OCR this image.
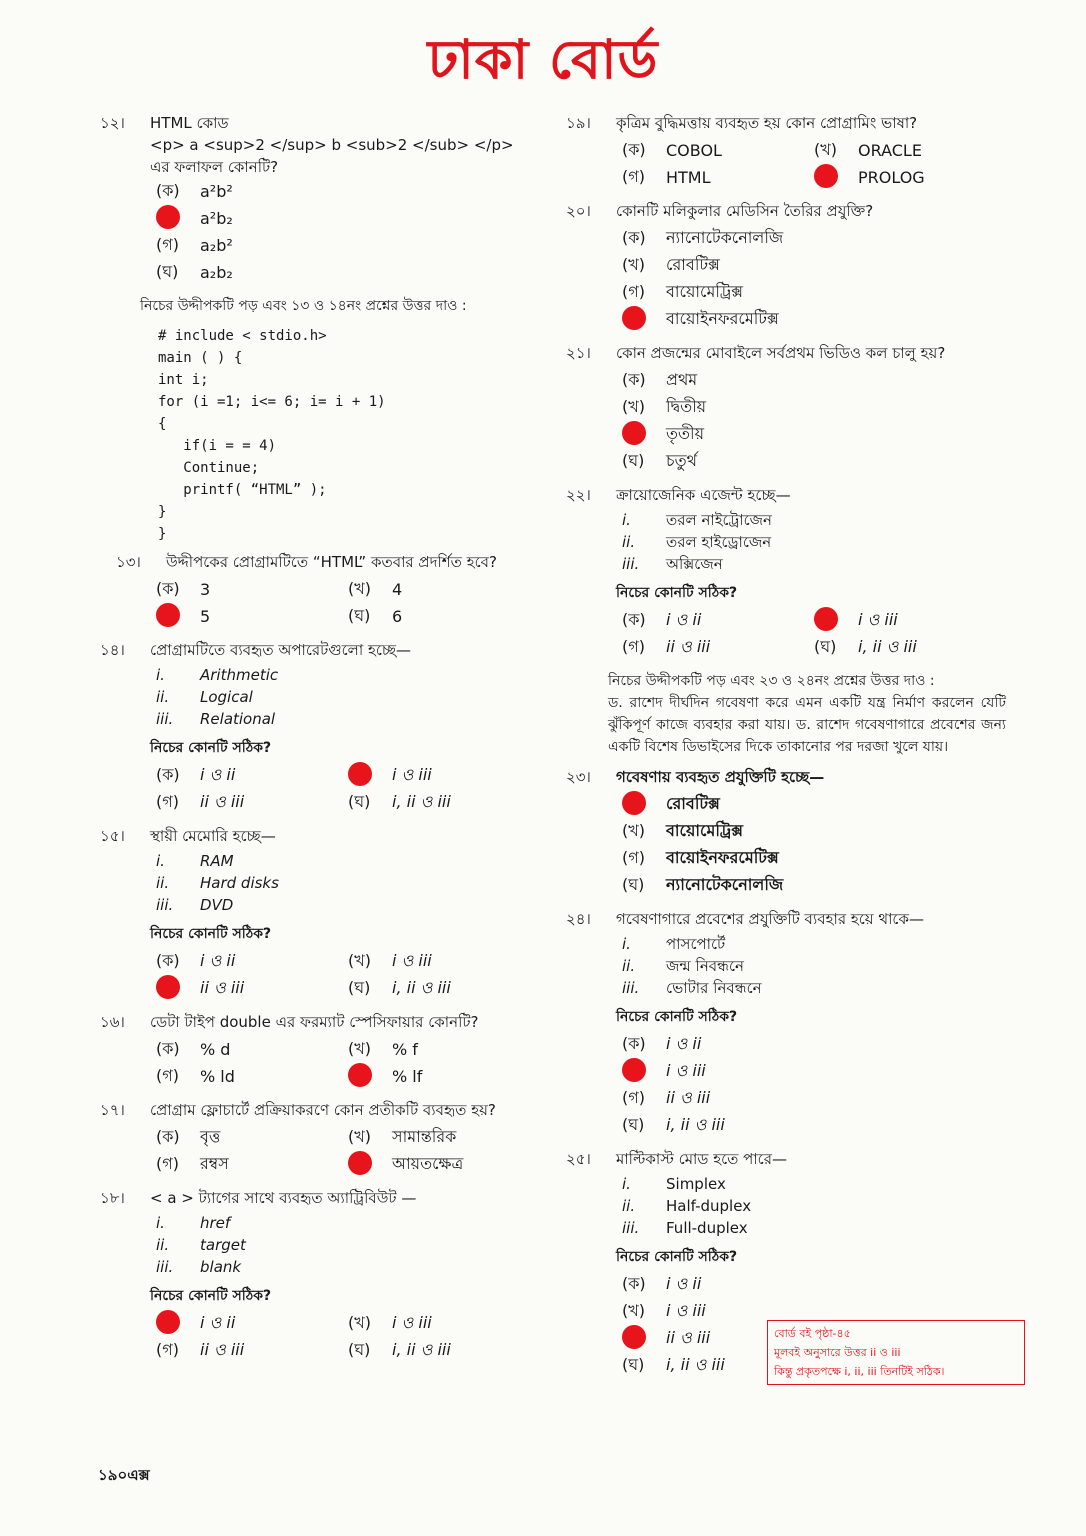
ঢাকা বোর্ড
১২।	HTML কোড
<p> a <sup>2 </sup> b <sub>2 </sub> </p>
এর ফলাফল কোনটি?
(ক)	a²b²
a²b₂
(গ)	a₂b²
(ঘ)	a₂b₂
নিচের উদ্দীপকটি পড় এবং ১৩ ও ১৪নং প্রশ্নের উত্তর দাও :
# include < stdio.h>
main ( ) {
int i;
for (i =1; i<= 6; i= i + 1)
{
if(i = = 4)
Continue;
printf( “HTML” );
}
}
১৩।	উদ্দীপকের প্রোগ্রামটিতে “HTML” কতবার প্রদর্শিত হবে?
(ক)	3	(খ)	4
5	(ঘ)	6
১৪।	প্রোগ্রামটিতে ব্যবহৃত অপারেটগুলো হচ্ছে—
i.	Arithmetic
ii.	Logical
iii.	Relational
নিচের কোনটি সঠিক?
(ক)	i ও ii	i ও iii
(গ)	ii ও iii	(ঘ)	i, ii ও iii
১৫।	স্থায়ী মেমোরি হচ্ছে—
i.	RAM
ii.	Hard disks
iii.	DVD
নিচের কোনটি সঠিক?
(ক)	i ও ii	(খ)	i ও iii
ii ও iii	(ঘ)	i, ii ও iii
১৬।	ডেটা টাইপ double এর ফরম্যাট স্পেসিফায়ার কোনটি?
(ক)	% d	(খ)	% f
(গ)	% ld	% lf
১৭।	প্রোগ্রাম ফ্লোচার্টে প্রক্রিয়াকরণে কোন প্রতীকটি ব্যবহৃত হয়?
(ক)	বৃত্ত	(খ)	সামান্তরিক
(গ)	রম্বস	আয়তক্ষেত্র
১৮।	< a > ট্যাগের সাথে ব্যবহৃত অ্যাট্রিবিউট —
i.	href
ii.	target
iii.	blank
নিচের কোনটি সঠিক?
i ও ii	(খ)	i ও iii
(গ)	ii ও iii	(ঘ)	i, ii ও iii
১৯।	কৃত্রিম বুদ্ধিমত্তায় ব্যবহৃত হয় কোন প্রোগ্রামিং ভাষা?
(ক)	COBOL	(খ)	ORACLE
(গ)	HTML	PROLOG
২০।	কোনটি মলিকুলার মেডিসিন তৈরির প্রযুক্তি?
(ক)	ন্যানোটেকনোলজি
(খ)	রোবটিক্স
(গ)	বায়োমেট্রিক্স
বায়োইনফরমেটিক্স
২১।	কোন প্রজন্মের মোবাইলে সর্বপ্রথম ভিডিও কল চালু হয়?
(ক)	প্রথম
(খ)	দ্বিতীয়
তৃতীয়
(ঘ)	চতুর্থ
২২।	ক্রায়োজেনিক এজেন্ট হচ্ছে—
i.	তরল নাইট্রোজেন
ii.	তরল হাইড্রোজেন
iii.	অক্সিজেন
নিচের কোনটি সঠিক?
(ক)	i ও ii	i ও iii
(গ)	ii ও iii	(ঘ)	i, ii ও iii
নিচের উদ্দীপকটি পড় এবং ২৩ ও ২৪নং প্রশ্নের উত্তর দাও :
ড. রাশেদ দীর্ঘদিন গবেষণা করে এমন একটি যন্ত্র নির্মাণ করলেন যেটি ঝুঁকিপূর্ণ কাজে ব্যবহার করা যায়। ড. রাশেদ গবেষণাগারে প্রবেশের জন্য একটি বিশেষ ডিভাইসের দিকে তাকানোর পর দরজা খুলে যায়।
২৩।	গবেষণায় ব্যবহৃত প্রযুক্তিটি হচ্ছে—
রোবটিক্স
(খ)	বায়োমেট্রিক্স
(গ)	বায়োইনফরমেটিক্স
(ঘ)	ন্যানোটেকনোলজি
২৪।	গবেষণাগারে প্রবেশের প্রযুক্তিটি ব্যবহার হয়ে থাকে—
i.	পাসপোর্টে
ii.	জন্ম নিবন্ধনে
iii.	ভোটার নিবন্ধনে
নিচের কোনটি সঠিক?
(ক)	i ও ii
i ও iii
(গ)	ii ও iii
(ঘ)	i, ii ও iii
২৫।	মাল্টিকাস্ট মোড হতে পারে—
i.	Simplex
ii.	Half-duplex
iii.	Full-duplex
নিচের কোনটি সঠিক?
(ক)	i ও ii
(খ)	i ও iii
ii ও iii
(ঘ)	i, ii ও iii
বোর্ড বই পৃষ্ঠা-৪৫
মূলবই অনুসারে উত্তর ii ও iii
কিন্তু প্রকৃতপক্ষে i, ii, iii তিনটিই সঠিক।
১৯০এক্স
